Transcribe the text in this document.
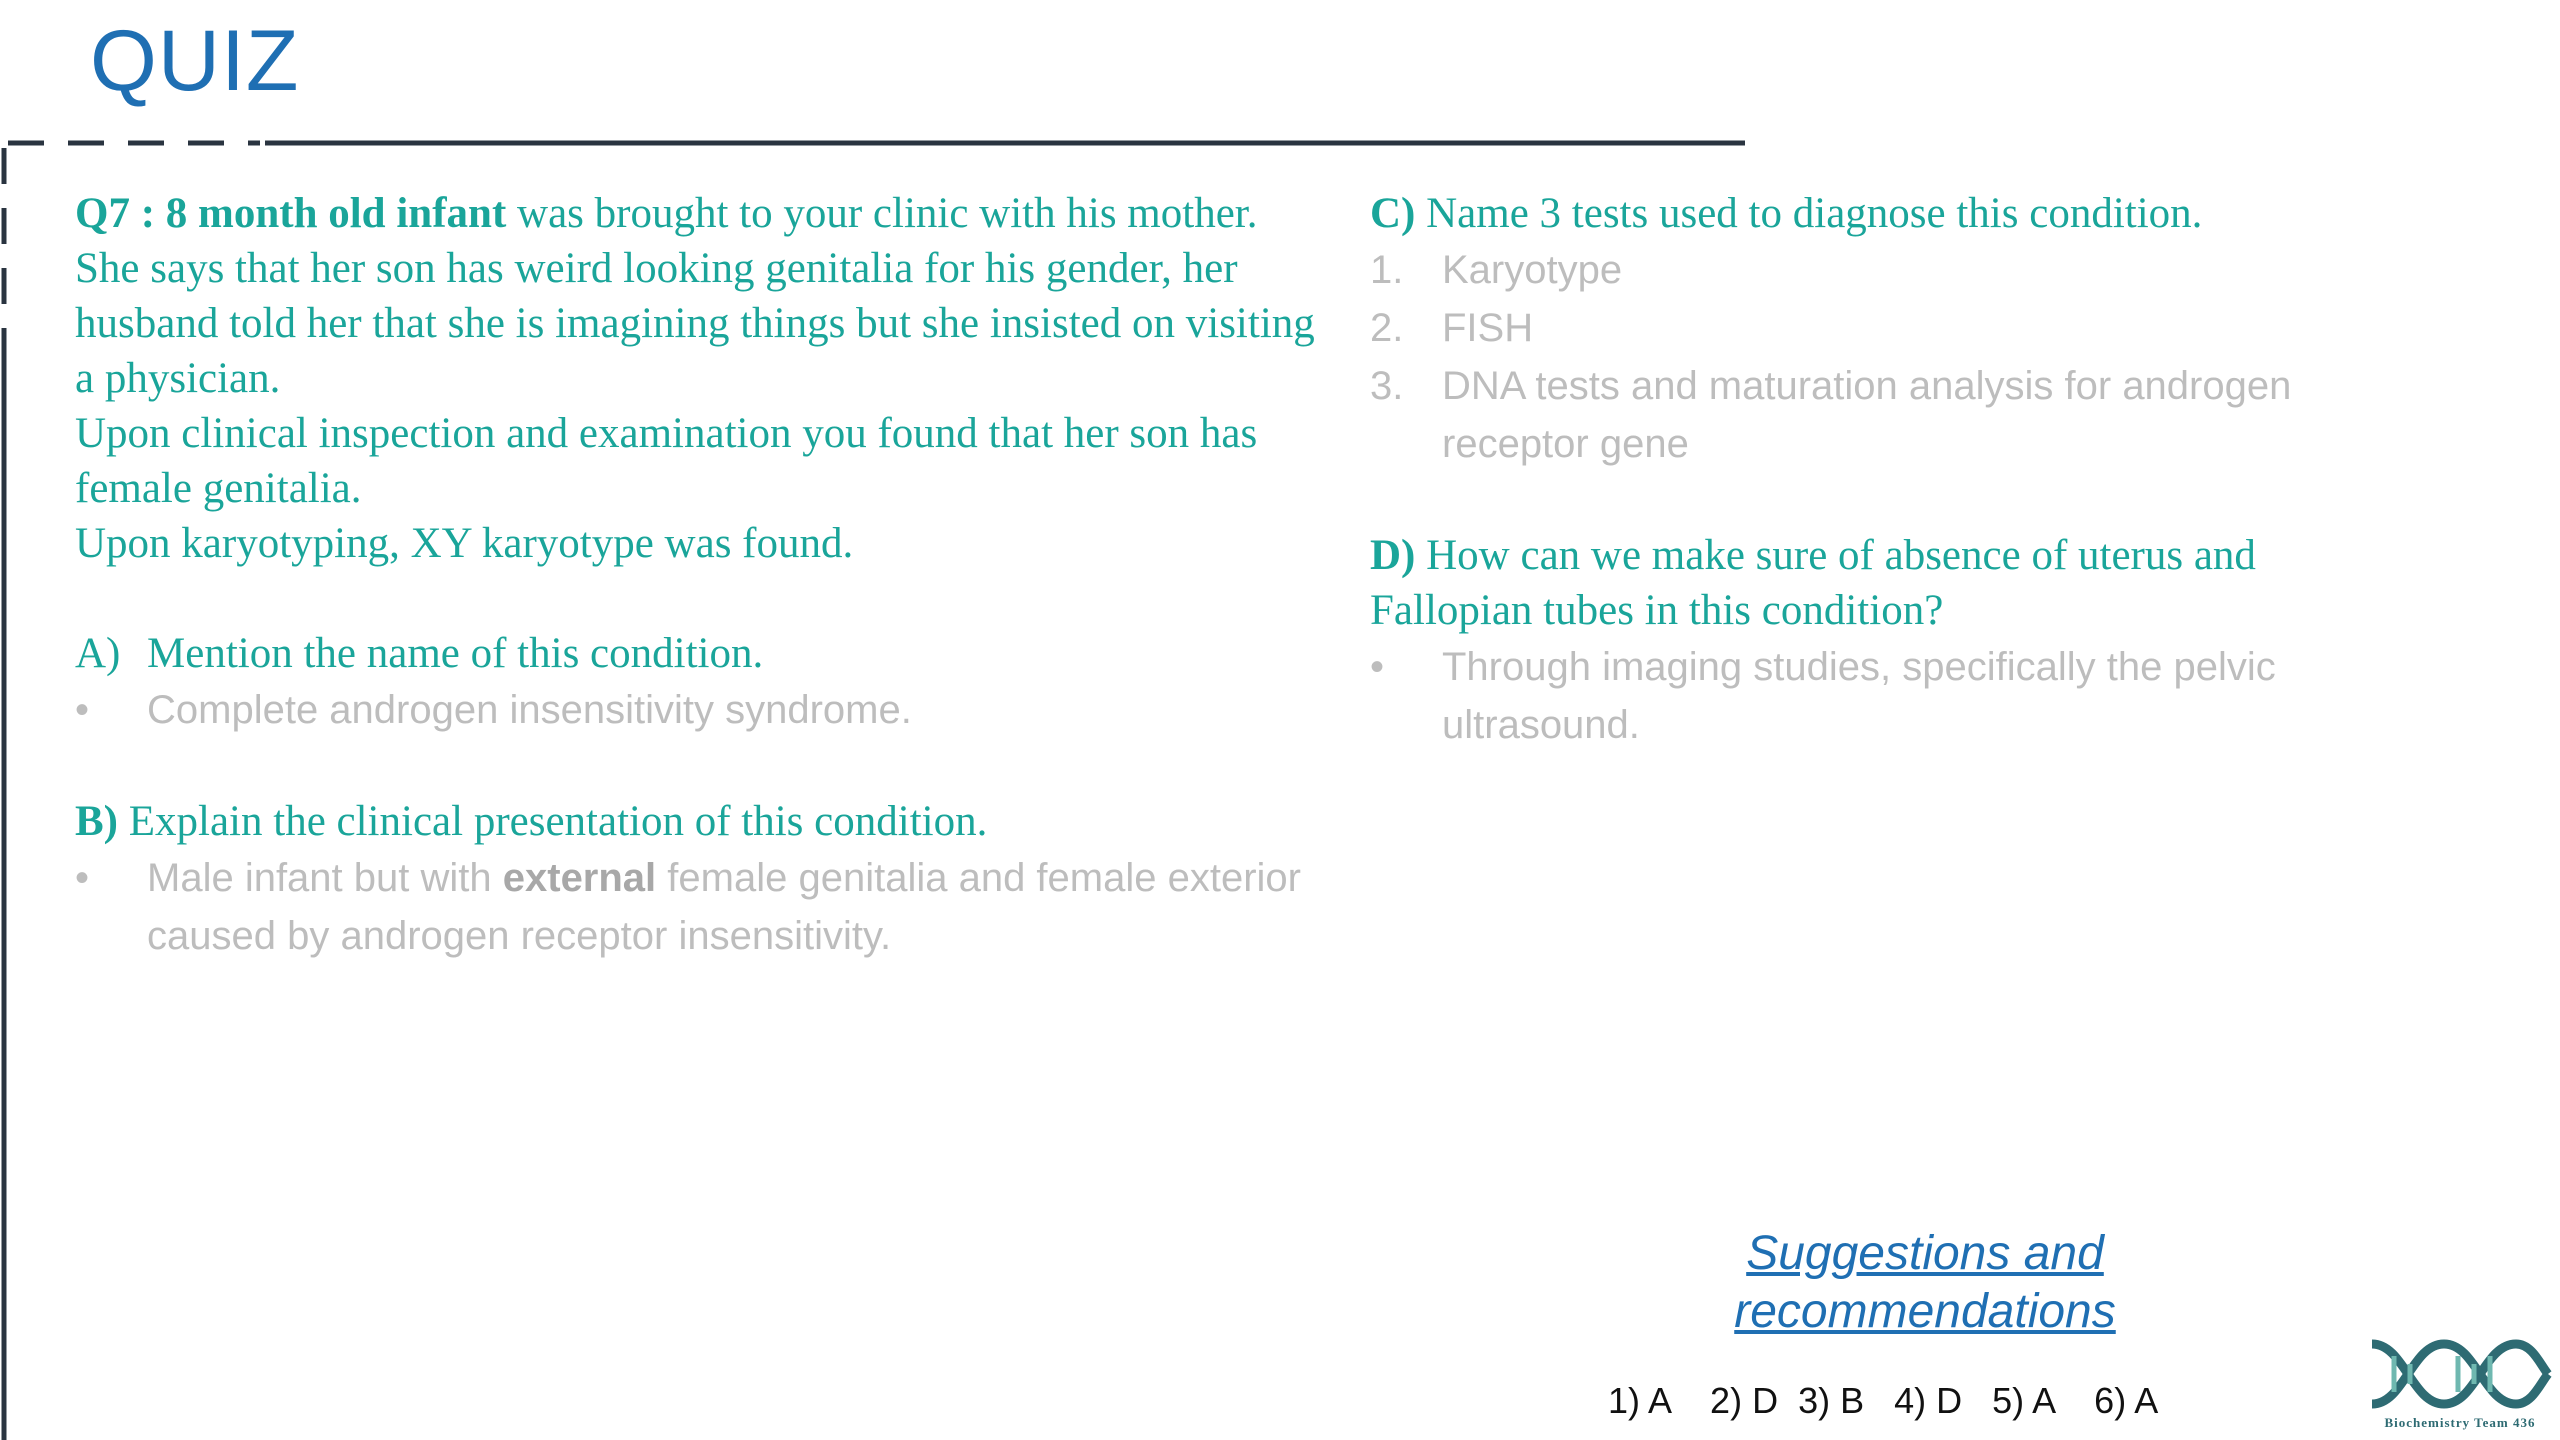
QUIZ

Q7 : 8 month old infant was brought to your clinic with his mother.
She says that her son has weird looking genitalia for his gender, her husband told her that she is imagining things but she insisted on visiting a physician.
Upon clinical inspection and examination you found that her son has female genitalia.
Upon karyotyping, XY karyotype was found.

A) Mention the name of this condition.

• Complete androgen insensitivity syndrome.

B) Explain the clinical presentation of this condition.

• Male infant but with external female genitalia and female exterior caused by androgen receptor insensitivity.

C) Name 3 tests used to diagnose this condition.

1. Karyotype

2. FISH

3. DNA tests and maturation analysis for androgen receptor gene

D) How can we make sure of absence of uterus and Fallopian tubes in this condition?

• Through imaging studies, specifically the pelvic ultrasound.

Suggestions and recommendations
1) A    2) D  3) B   4) D   5) A    6) A
Biochemistry Team 436
